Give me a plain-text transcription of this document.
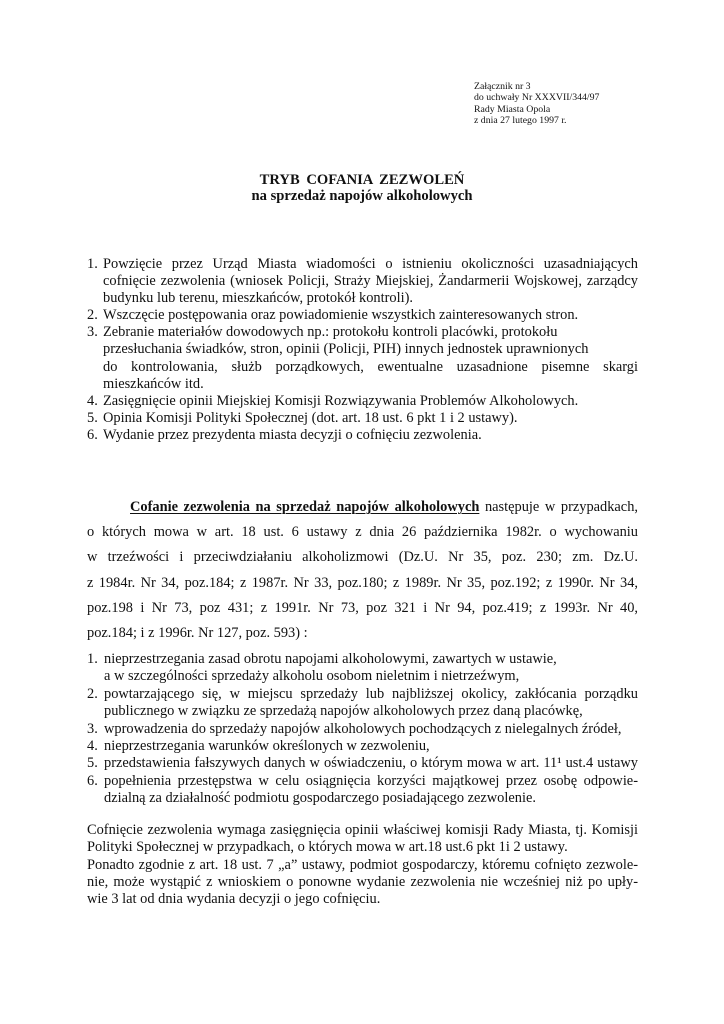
Załącznik nr 3
do uchwały Nr XXXVII/344/97
Rady Miasta Opola
z dnia 27 lutego 1997 r.
TRYB COFANIA ZEZWOLEŃ
na sprzedaż napojów alkoholowych
1. Powzięcie przez Urząd Miasta wiadomości o istnieniu okoliczności uzasadniających
cofnięcie zezwolenia (wniosek Policji, Straży Miejskiej, Żandarmerii Wojskowej, zarządcy
budynku lub terenu, mieszkańców, protokół kontroli).
2. Wszczęcie postępowania oraz powiadomienie wszystkich zainteresowanych stron.
3. Zebranie materiałów dowodowych np.: protokołu kontroli placówki, protokołu
przesłuchania świadków, stron, opinii (Policji, PIH) innych jednostek uprawnionych
do kontrolowania, służb porządkowych, ewentualne uzasadnione pisemne skargi
mieszkańców itd.
4. Zasięgnięcie opinii Miejskiej Komisji Rozwiązywania Problemów Alkoholowych.
5. Opinia Komisji Polityki Społecznej (dot. art. 18 ust. 6 pkt 1 i 2 ustawy).
6. Wydanie przez prezydenta miasta decyzji o cofnięciu zezwolenia.
Cofanie zezwolenia na sprzedaż napojów alkoholowych następuje w przypadkach,
o których mowa w art. 18 ust. 6 ustawy z dnia 26 października 1982r. o wychowaniu
w trzeźwości i przeciwdziałaniu alkoholizmowi (Dz.U. Nr 35, poz. 230; zm. Dz.U.
z 1984r. Nr 34, poz.184; z 1987r. Nr 33, poz.180; z 1989r. Nr 35, poz.192; z 1990r. Nr 34,
poz.198 i Nr 73, poz 431; z 1991r. Nr 73, poz 321 i Nr 94, poz.419; z 1993r. Nr 40,
poz.184; i z 1996r. Nr 127, poz. 593) :
1. nieprzestrzegania zasad obrotu napojami alkoholowymi, zawartych w ustawie,
a w szczególności sprzedaży alkoholu osobom nieletnim i nietrzeźwym,
2. powtarzającego się, w miejscu sprzedaży lub najbliższej okolicy, zakłócania porządku
publicznego w związku ze sprzedażą napojów alkoholowych przez daną placówkę,
3. wprowadzenia do sprzedaży napojów alkoholowych pochodzących z nielegalnych źródeł,
4. nieprzestrzegania warunków określonych w zezwoleniu,
5. przedstawienia fałszywych danych w oświadczeniu, o którym mowa w art. 11¹ ust.4 ustawy
6. popełnienia przestępstwa w celu osiągnięcia korzyści majątkowej przez osobę odpowie-
dzialną za działalność podmiotu gospodarczego posiadającego zezwolenie.
Cofnięcie zezwolenia wymaga zasięgnięcia opinii właściwej komisji Rady Miasta, tj. Komisji
Polityki Społecznej w przypadkach, o których mowa w art.18 ust.6 pkt 1i 2 ustawy.
Ponadto zgodnie z art. 18 ust. 7 „a” ustawy, podmiot gospodarczy, któremu cofnięto zezwole-
nie, może wystąpić z wnioskiem o ponowne wydanie zezwolenia nie wcześniej niż po upły-
wie 3 lat od dnia wydania decyzji o jego cofnięciu.
